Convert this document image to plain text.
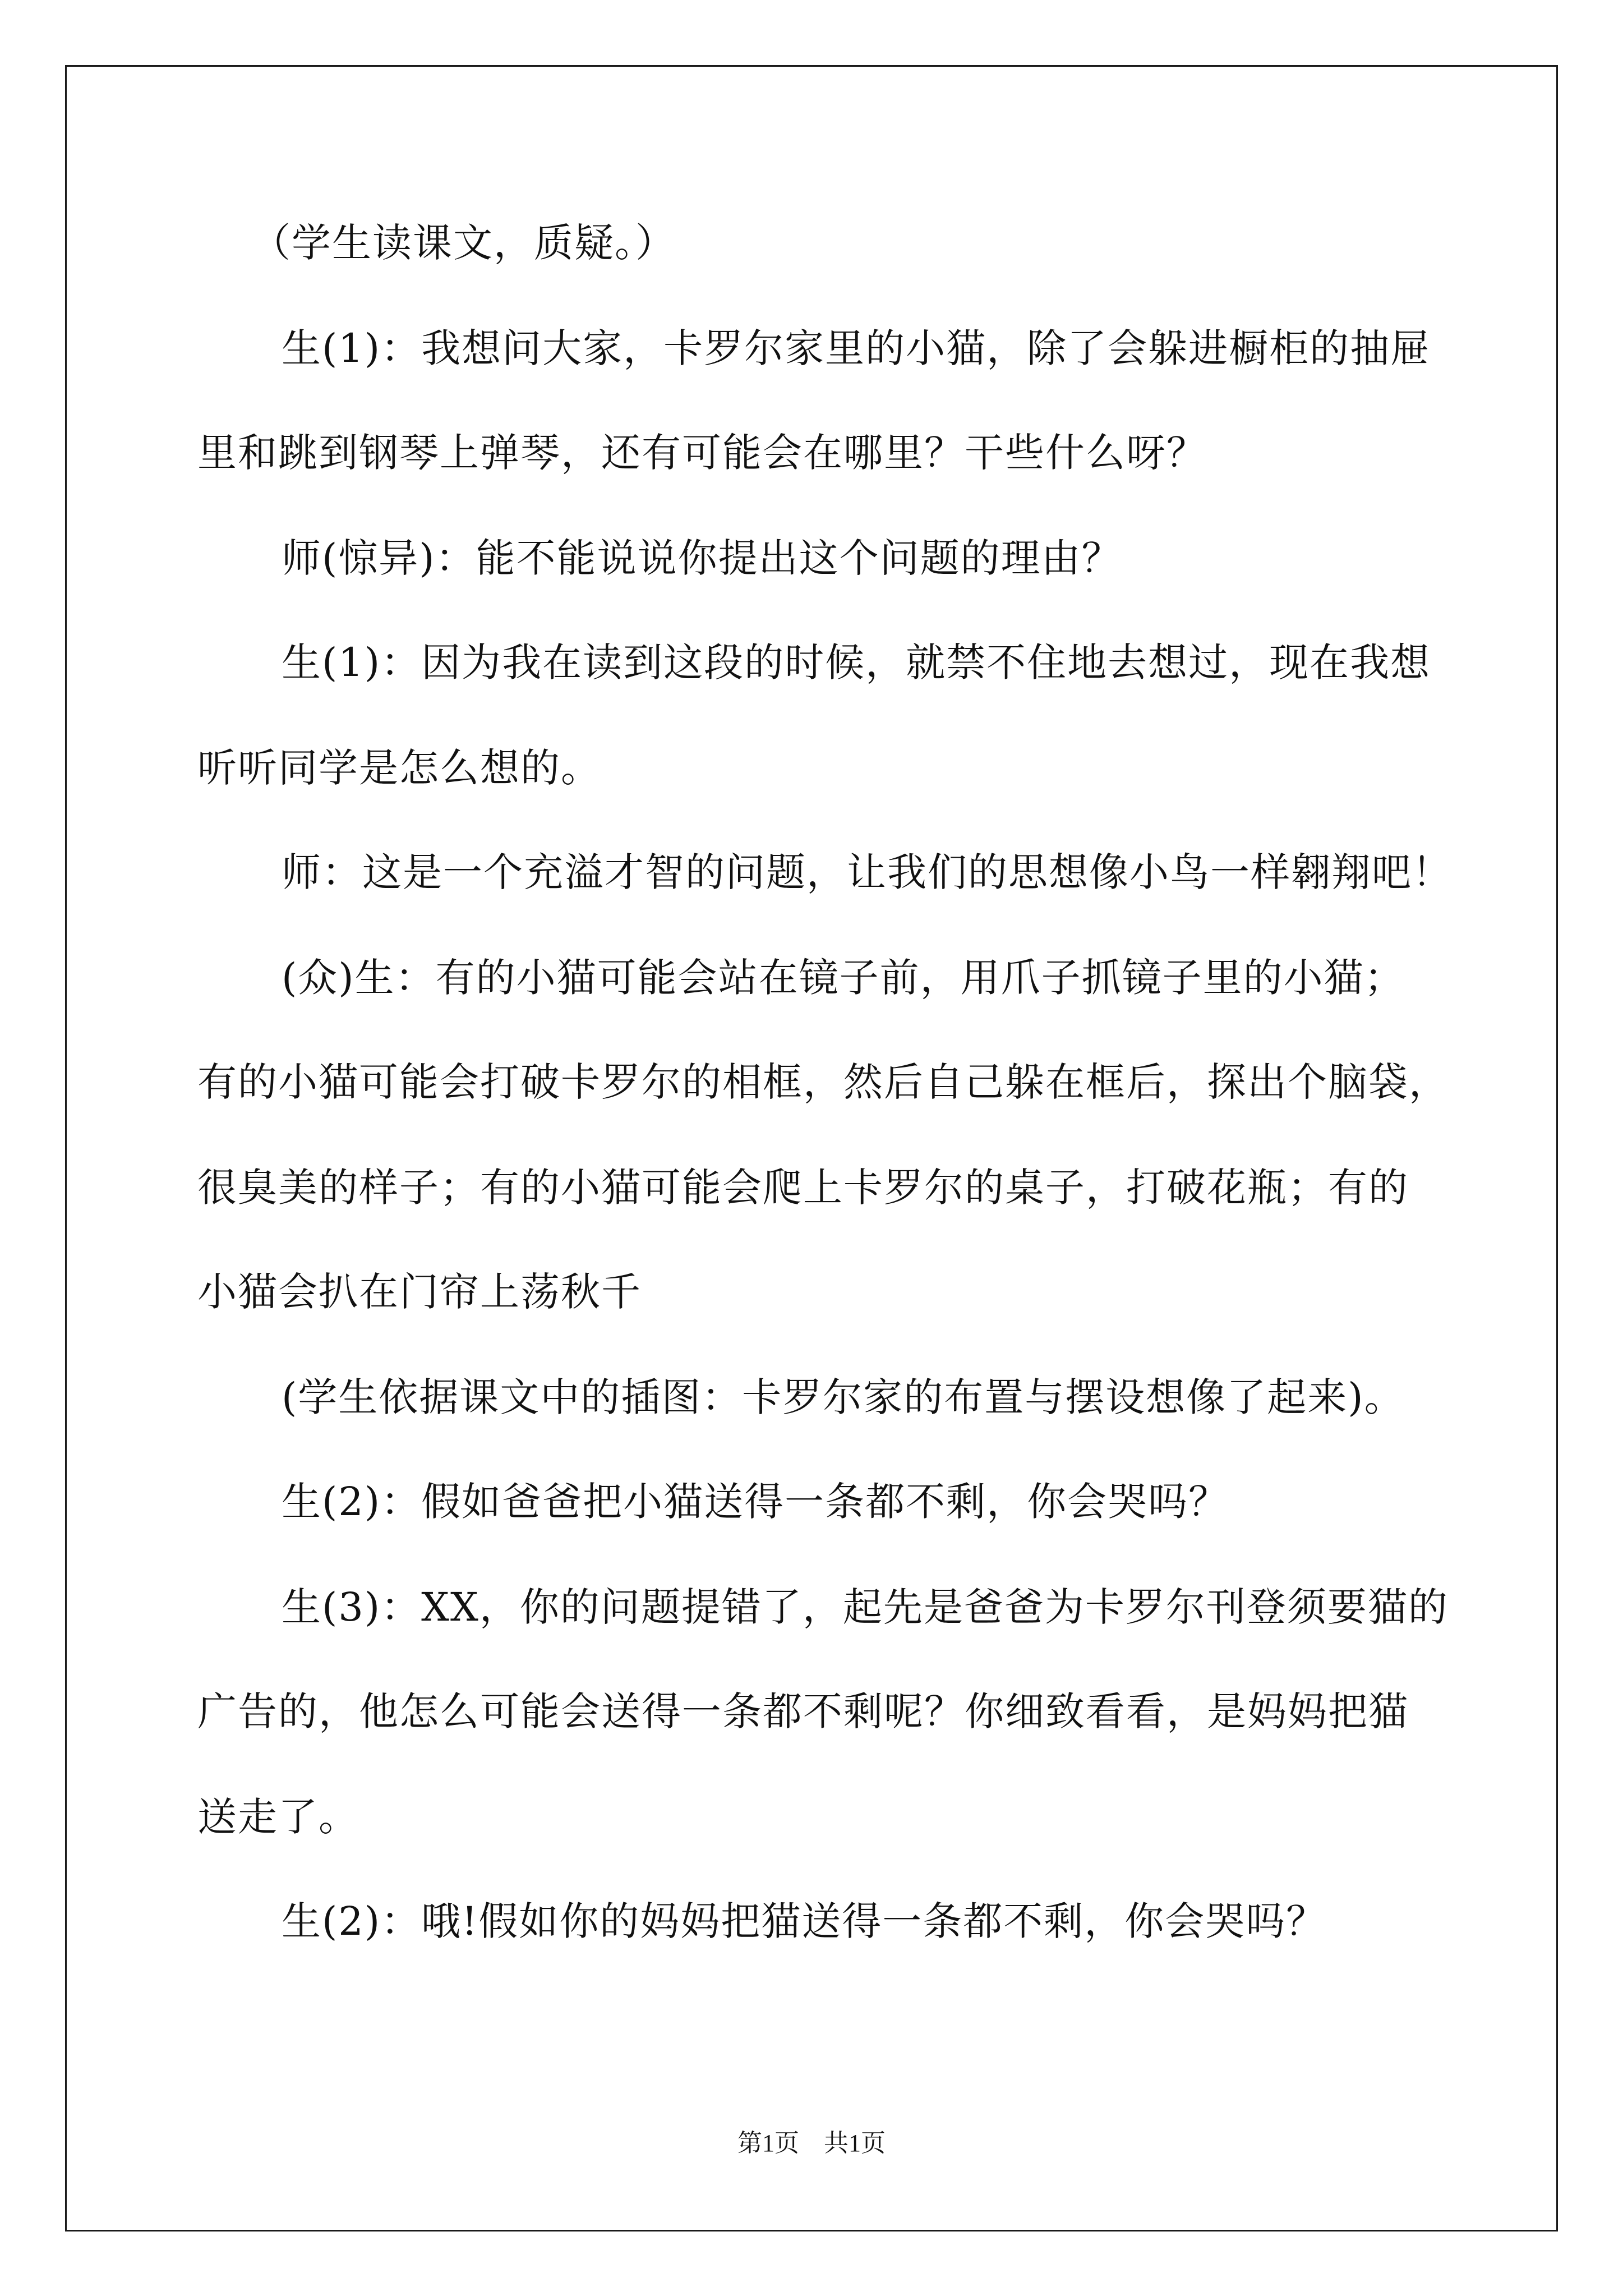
（学生读课文，质疑。）
生(1)：我想问大家，卡罗尔家里的小猫，除了会躲进橱柜的抽屉
里和跳到钢琴上弹琴，还有可能会在哪里？干些什么呀？
师(惊异)：能不能说说你提出这个问题的理由？
生(1)：因为我在读到这段的时候，就禁不住地去想过，现在我想
听听同学是怎么想的。
师：这是一个充溢才智的问题，让我们的思想像小鸟一样翱翔吧！
(众)生：有的小猫可能会站在镜子前，用爪子抓镜子里的小猫；
有的小猫可能会打破卡罗尔的相框，然后自己躲在框后，探出个脑袋，
很臭美的样子；有的小猫可能会爬上卡罗尔的桌子，打破花瓶；有的
小猫会扒在门帘上荡秋千
(学生依据课文中的插图：卡罗尔家的布置与摆设想像了起来)。
生(2)：假如爸爸把小猫送得一条都不剩，你会哭吗？
生(3)：XX，你的问题提错了，起先是爸爸为卡罗尔刊登须要猫的
广告的，他怎么可能会送得一条都不剩呢？你细致看看，是妈妈把猫
送走了。
生(2)：哦!假如你的妈妈把猫送得一条都不剩，你会哭吗？
第1页　共1页
